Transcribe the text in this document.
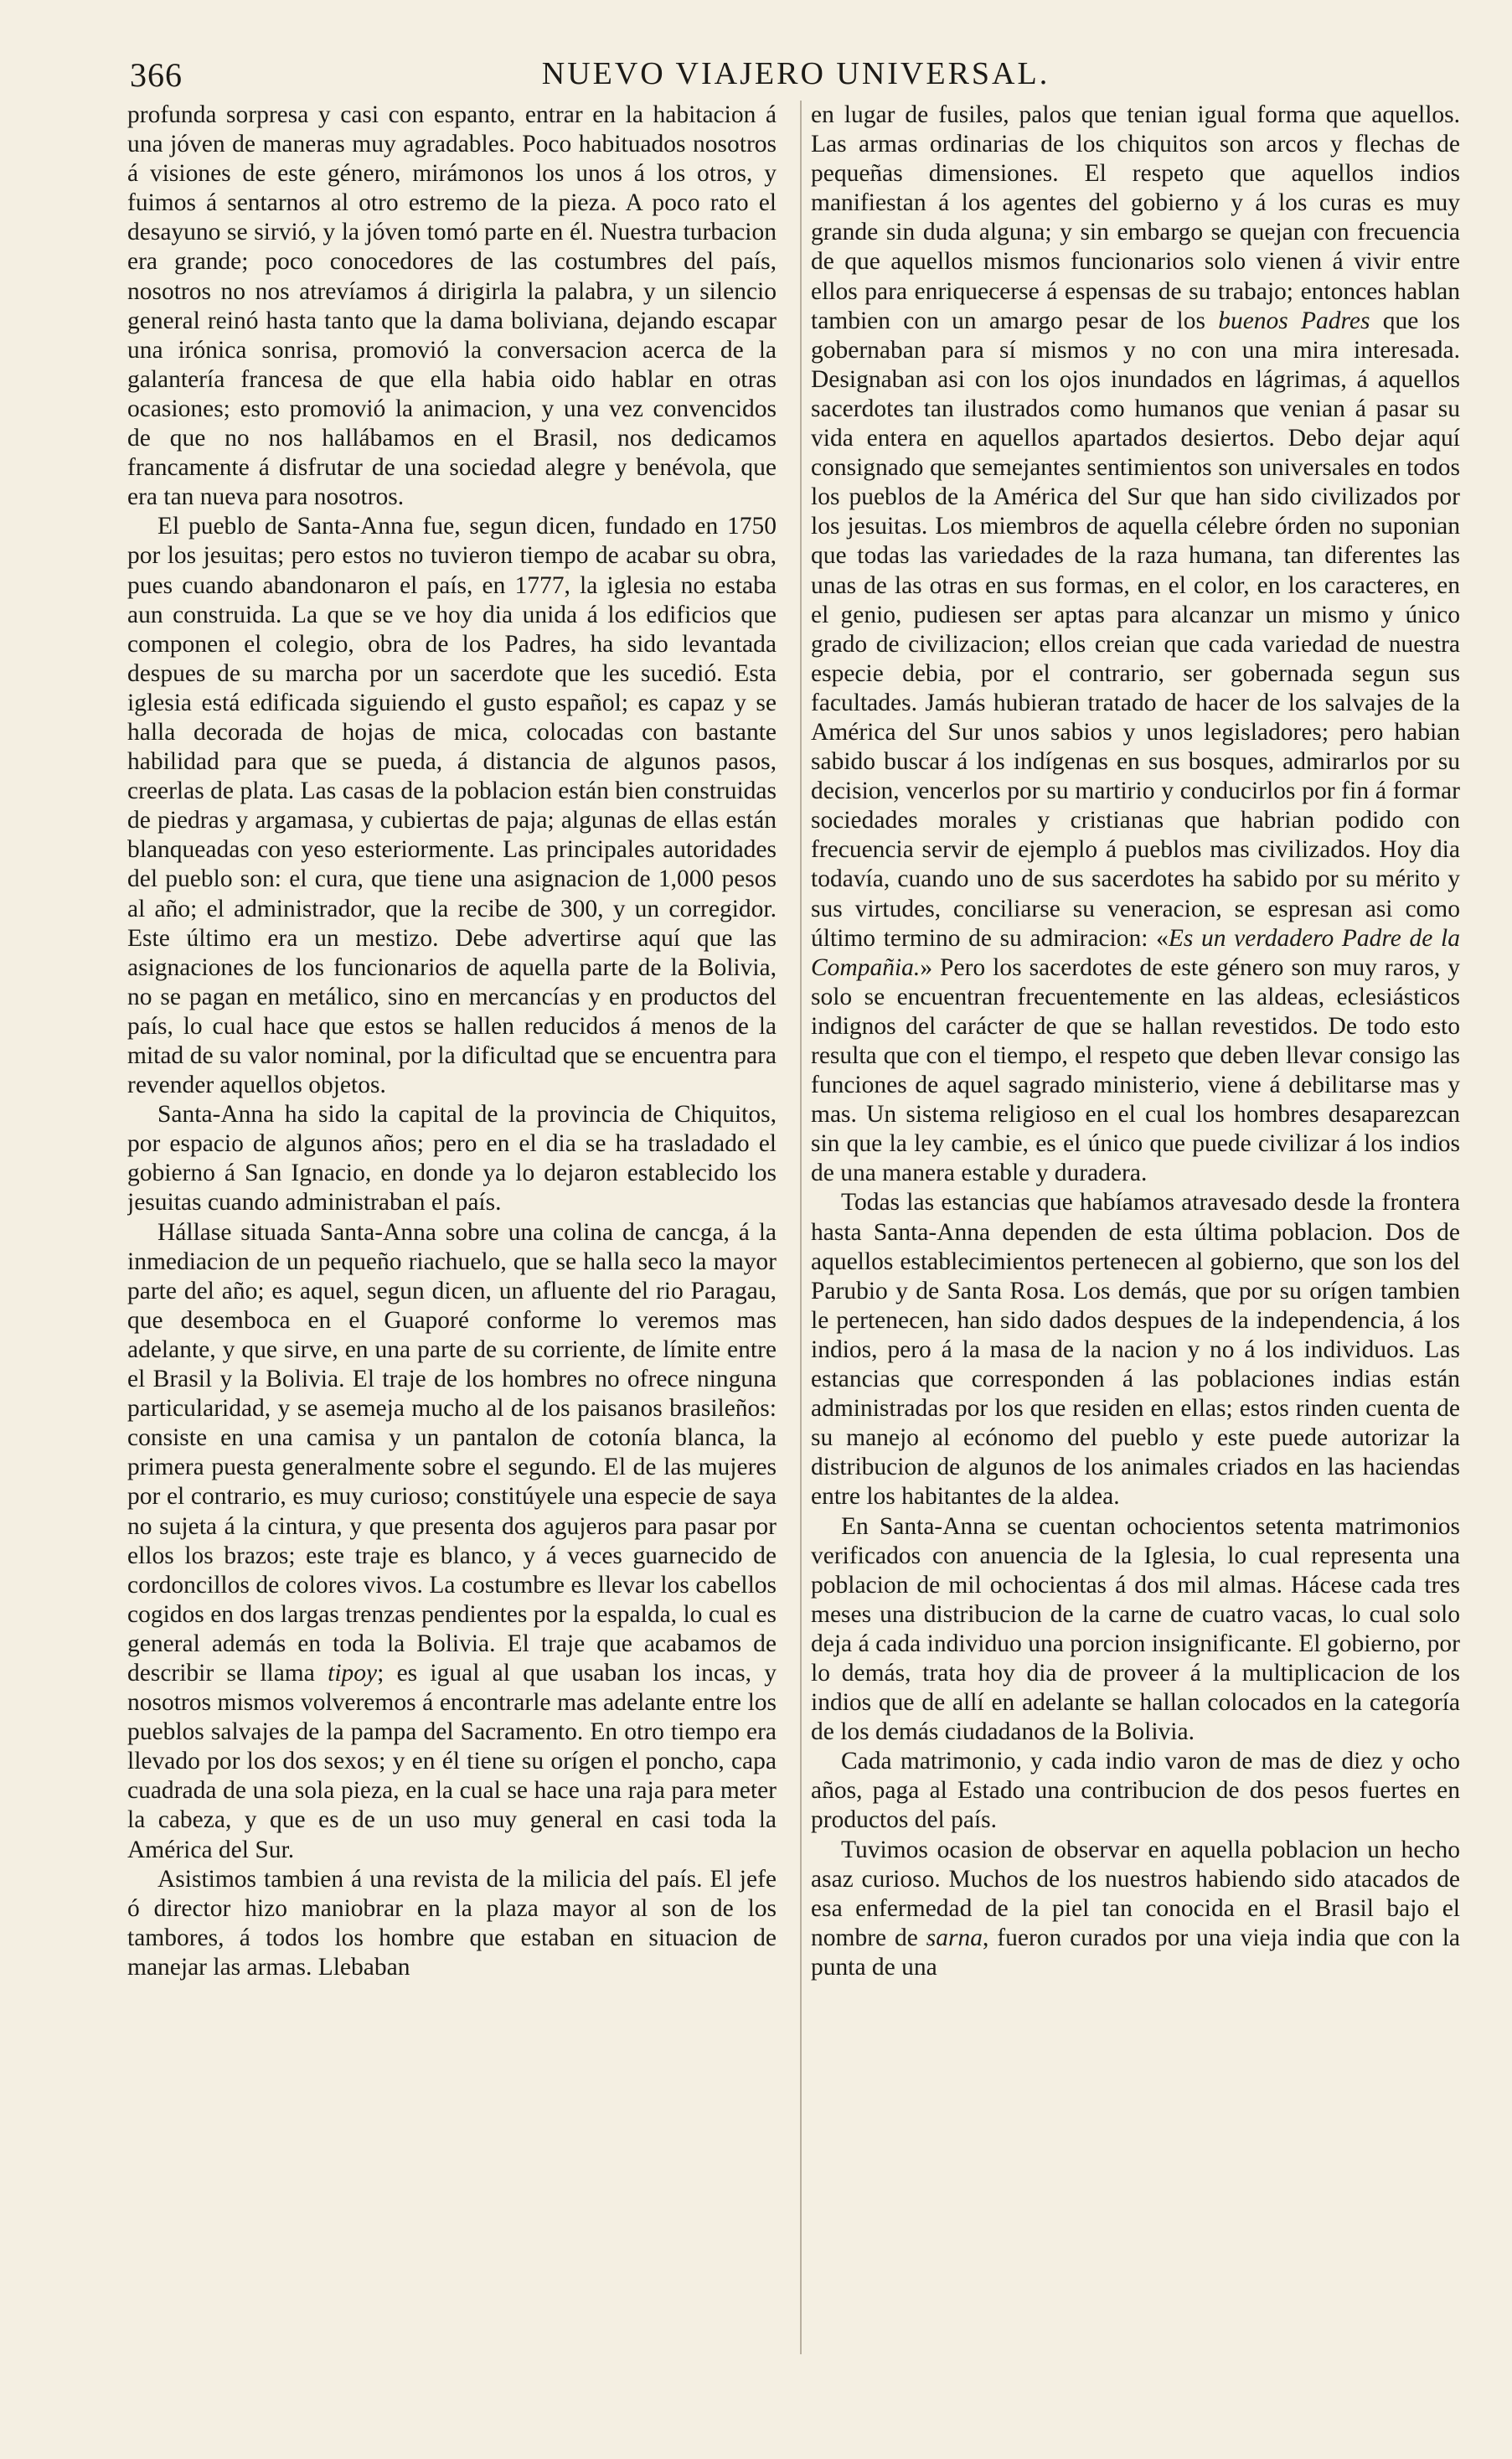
366	NUEVO VIAJERO UNIVERSAL.

profunda sorpresa y casi con espanto, entrar en la habitacion á una jóven de maneras muy agradables. Poco habituados nosotros á visiones de este género, mirámonos los unos á los otros, y fuimos á sentarnos al otro estremo de la pieza. A poco rato el desayuno se sirvió, y la jóven tomó parte en él. Nuestra turbacion era grande; poco conocedores de las costumbres del país, nosotros no nos atrevíamos á dirigirla la palabra, y un silencio general reinó hasta tanto que la dama boliviana, dejando escapar una irónica sonrisa, promovió la conversacion acerca de la galantería francesa de que ella habia oido hablar en otras ocasiones; esto promovió la animacion, y una vez convencidos de que no nos hallábamos en el Brasil, nos dedicamos francamente á disfrutar de una sociedad alegre y benévola, que era tan nueva para nosotros.

El pueblo de Santa-Anna fue, segun dicen, fundado en 1750 por los jesuitas; pero estos no tuvieron tiempo de acabar su obra, pues cuando abandonaron el país, en 1777, la iglesia no estaba aun construida. La que se ve hoy dia unida á los edificios que componen el colegio, obra de los Padres, ha sido levantada despues de su marcha por un sacerdote que les sucedió. Esta iglesia está edificada siguiendo el gusto español; es capaz y se halla decorada de hojas de mica, colocadas con bastante habilidad para que se pueda, á distancia de algunos pasos, creerlas de plata. Las casas de la poblacion están bien construidas de piedras y argamasa, y cubiertas de paja; algunas de ellas están blanqueadas con yeso esteriormente. Las principales autoridades del pueblo son: el cura, que tiene una asignacion de 1,000 pesos al año; el administrador, que la recibe de 300, y un corregidor. Este último era un mestizo. Debe advertirse aquí que las asignaciones de los funcionarios de aquella parte de la Bolivia, no se pagan en metálico, sino en mercancías y en productos del país, lo cual hace que estos se hallen reducidos á menos de la mitad de su valor nominal, por la dificultad que se encuentra para revender aquellos objetos.

Santa-Anna ha sido la capital de la provincia de Chiquitos, por espacio de algunos años; pero en el dia se ha trasladado el gobierno á San Ignacio, en donde ya lo dejaron establecido los jesuitas cuando administraban el país.

Hállase situada Santa-Anna sobre una colina de cancga, á la inmediacion de un pequeño riachuelo, que se halla seco la mayor parte del año; es aquel, segun dicen, un afluente del rio Paragau, que desemboca en el Guaporé conforme lo veremos mas adelante, y que sirve, en una parte de su corriente, de límite entre el Brasil y la Bolivia. El traje de los hombres no ofrece ninguna particularidad, y se asemeja mucho al de los paisanos brasileños: consiste en una camisa y un pantalon de cotonía blanca, la primera puesta generalmente sobre el segundo. El de las mujeres por el contrario, es muy curioso; constitúyele una especie de saya no sujeta á la cintura, y que presenta dos agujeros para pasar por ellos los brazos; este traje es blanco, y á veces guarnecido de cordoncillos de colores vivos. La costumbre es llevar los cabellos cogidos en dos largas trenzas pendientes por la espalda, lo cual es general además en toda la Bolivia. El traje que acabamos de describir se llama tipoy; es igual al que usaban los incas, y nosotros mismos volveremos á encontrarle mas adelante entre los pueblos salvajes de la pampa del Sacramento. En otro tiempo era llevado por los dos sexos; y en él tiene su orígen el poncho, capa cuadrada de una sola pieza, en la cual se hace una raja para meter la cabeza, y que es de un uso muy general en casi toda la América del Sur.

Asistimos tambien á una revista de la milicia del país. El jefe ó director hizo maniobrar en la plaza mayor al son de los tambores, á todos los hombre que estaban en situacion de manejar las armas. Llebaban

en lugar de fusiles, palos que tenian igual forma que aquellos. Las armas ordinarias de los chiquitos son arcos y flechas de pequeñas dimensiones. El respeto que aquellos indios manifiestan á los agentes del gobierno y á los curas es muy grande sin duda alguna; y sin embargo se quejan con frecuencia de que aquellos mismos funcionarios solo vienen á vivir entre ellos para enriquecerse á espensas de su trabajo; entonces hablan tambien con un amargo pesar de los buenos Padres que los gobernaban para sí mismos y no con una mira interesada. Designaban asi con los ojos inundados en lágrimas, á aquellos sacerdotes tan ilustrados como humanos que venian á pasar su vida entera en aquellos apartados desiertos. Debo dejar aquí consignado que semejantes sentimientos son universales en todos los pueblos de la América del Sur que han sido civilizados por los jesuitas. Los miembros de aquella célebre órden no suponian que todas las variedades de la raza humana, tan diferentes las unas de las otras en sus formas, en el color, en los caracteres, en el genio, pudiesen ser aptas para alcanzar un mismo y único grado de civilizacion; ellos creian que cada variedad de nuestra especie debia, por el contrario, ser gobernada segun sus facultades. Jamás hubieran tratado de hacer de los salvajes de la América del Sur unos sabios y unos legisladores; pero habian sabido buscar á los indígenas en sus bosques, admirarlos por su decision, vencerlos por su martirio y conducirlos por fin á formar sociedades morales y cristianas que habrian podido con frecuencia servir de ejemplo á pueblos mas civilizados. Hoy dia todavía, cuando uno de sus sacerdotes ha sabido por su mérito y sus virtudes, conciliarse su veneracion, se espresan asi como último termino de su admiracion: «Es un verdadero Padre de la Compañia.» Pero los sacerdotes de este género son muy raros, y solo se encuentran frecuentemente en las aldeas, eclesiásticos indignos del carácter de que se hallan revestidos. De todo esto resulta que con el tiempo, el respeto que deben llevar consigo las funciones de aquel sagrado ministerio, viene á debilitarse mas y mas. Un sistema religioso en el cual los hombres desaparezcan sin que la ley cambie, es el único que puede civilizar á los indios de una manera estable y duradera.

Todas las estancias que habíamos atravesado desde la frontera hasta Santa-Anna dependen de esta última poblacion. Dos de aquellos establecimientos pertenecen al gobierno, que son los del Parubio y de Santa Rosa. Los demás, que por su orígen tambien le pertenecen, han sido dados despues de la independencia, á los indios, pero á la masa de la nacion y no á los individuos. Las estancias que corresponden á las poblaciones indias están administradas por los que residen en ellas; estos rinden cuenta de su manejo al ecónomo del pueblo y este puede autorizar la distribucion de algunos de los animales criados en las haciendas entre los habitantes de la aldea.

En Santa-Anna se cuentan ochocientos setenta matrimonios verificados con anuencia de la Iglesia, lo cual representa una poblacion de mil ochocientas á dos mil almas. Hácese cada tres meses una distribucion de la carne de cuatro vacas, lo cual solo deja á cada individuo una porcion insignificante. El gobierno, por lo demás, trata hoy dia de proveer á la multiplicacion de los indios que de allí en adelante se hallan colocados en la categoría de los demás ciudadanos de la Bolivia.

Cada matrimonio, y cada indio varon de mas de diez y ocho años, paga al Estado una contribucion de dos pesos fuertes en productos del país.

Tuvimos ocasion de observar en aquella poblacion un hecho asaz curioso. Muchos de los nuestros habiendo sido atacados de esa enfermedad de la piel tan conocida en el Brasil bajo el nombre de sarna, fueron curados por una vieja india que con la punta de una
